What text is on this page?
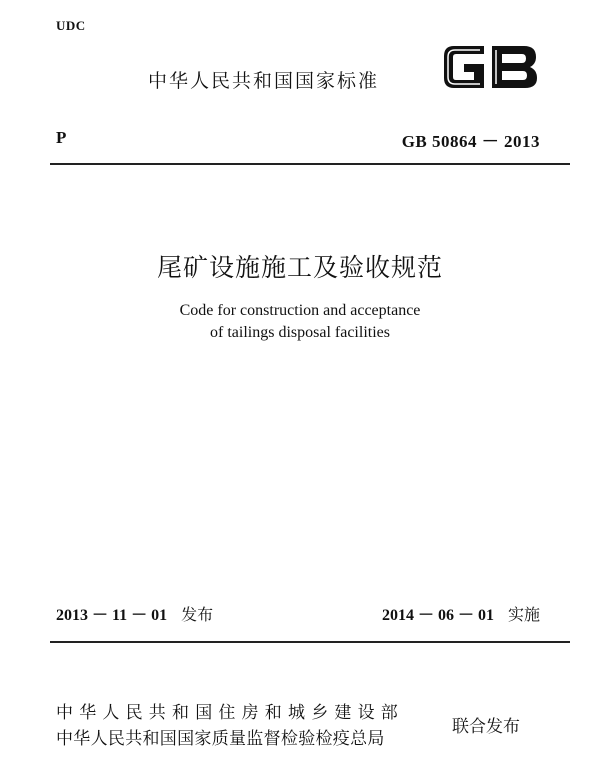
UDC
中华人民共和国国家标准
P	GB 50864 － 2013
尾矿设施施工及验收规范
Code for construction and acceptance
of tailings disposal facilities
2013 － 11 － 01 发布	2014 － 06 － 01 实施
中华人民共和国住房和城乡建设部
中华人民共和国国家质量监督检验检疫总局
联合发布
